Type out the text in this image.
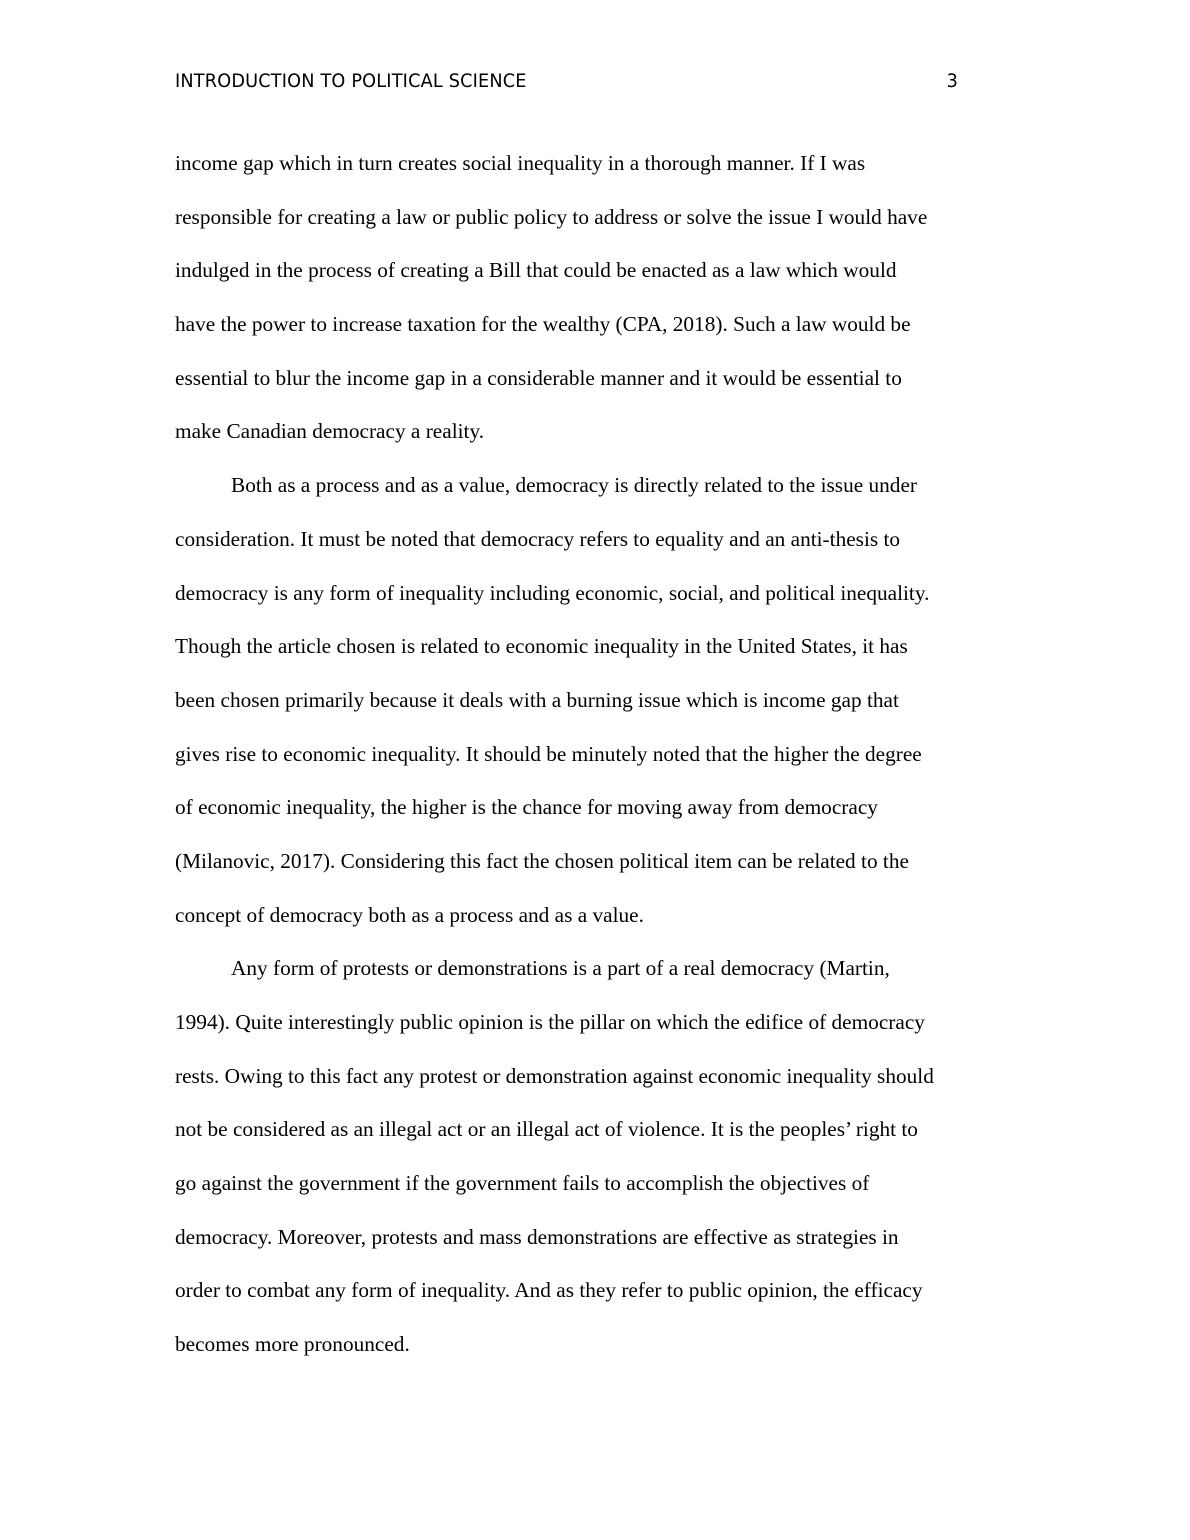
INTRODUCTION TO POLITICAL SCIENCE	3
income gap which in turn creates social inequality in a thorough manner. If I was
responsible for creating a law or public policy to address or solve the issue I would have
indulged in the process of creating a Bill that could be enacted as a law which would
have the power to increase taxation for the wealthy (CPA, 2018). Such a law would be
essential to blur the income gap in a considerable manner and it would be essential to
make Canadian democracy a reality.
Both as a process and as a value, democracy is directly related to the issue under
consideration. It must be noted that democracy refers to equality and an anti-thesis to
democracy is any form of inequality including economic, social, and political inequality.
Though the article chosen is related to economic inequality in the United States, it has
been chosen primarily because it deals with a burning issue which is income gap that
gives rise to economic inequality. It should be minutely noted that the higher the degree
of economic inequality, the higher is the chance for moving away from democracy
(Milanovic, 2017). Considering this fact the chosen political item can be related to the
concept of democracy both as a process and as a value.
Any form of protests or demonstrations is a part of a real democracy (Martin,
1994). Quite interestingly public opinion is the pillar on which the edifice of democracy
rests. Owing to this fact any protest or demonstration against economic inequality should
not be considered as an illegal act or an illegal act of violence. It is the peoples’ right to
go against the government if the government fails to accomplish the objectives of
democracy. Moreover, protests and mass demonstrations are effective as strategies in
order to combat any form of inequality. And as they refer to public opinion, the efficacy
becomes more pronounced.
